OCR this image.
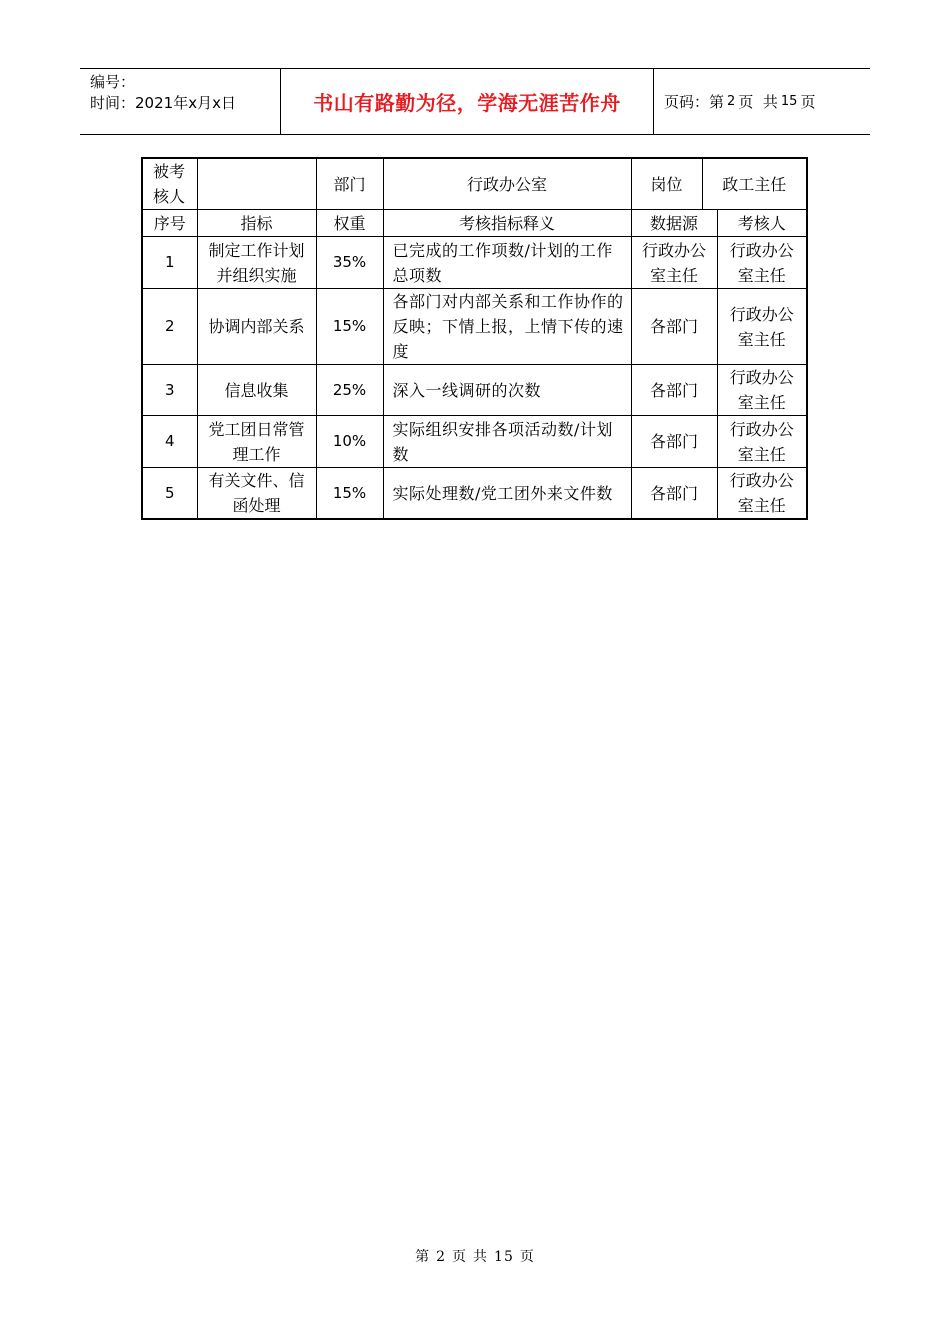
编号：
时间：2021年x月x日	书山有路勤为径，学海无涯苦作舟	页码： 第 2 页
共 15 页
被考核人		部门	行政办公室	岗位 政工主任	

序号	指标	权重	考核指标释义	数据源	考核人
1	制定工作计划并组织实施	35%	已完成的工作项数/计划的工作总项数	行政办公室主任	行政办公室主任
2	协调内部关系	15%	各部门对内部关系和工作协作的反映；下情上报，上情下传的速度	各部门	行政办公室主任
3	信息收集	25%	深入一线调研的次数	各部门	行政办公室主任
4	党工团日常管理工作	10%	实际组织安排各项活动数/计划数	各部门	行政办公室主任
5	有关文件、信函处理	15%	实际处理数/党工团外来文件数	各部门	行政办公室主任
第 2 页 共 15 页
